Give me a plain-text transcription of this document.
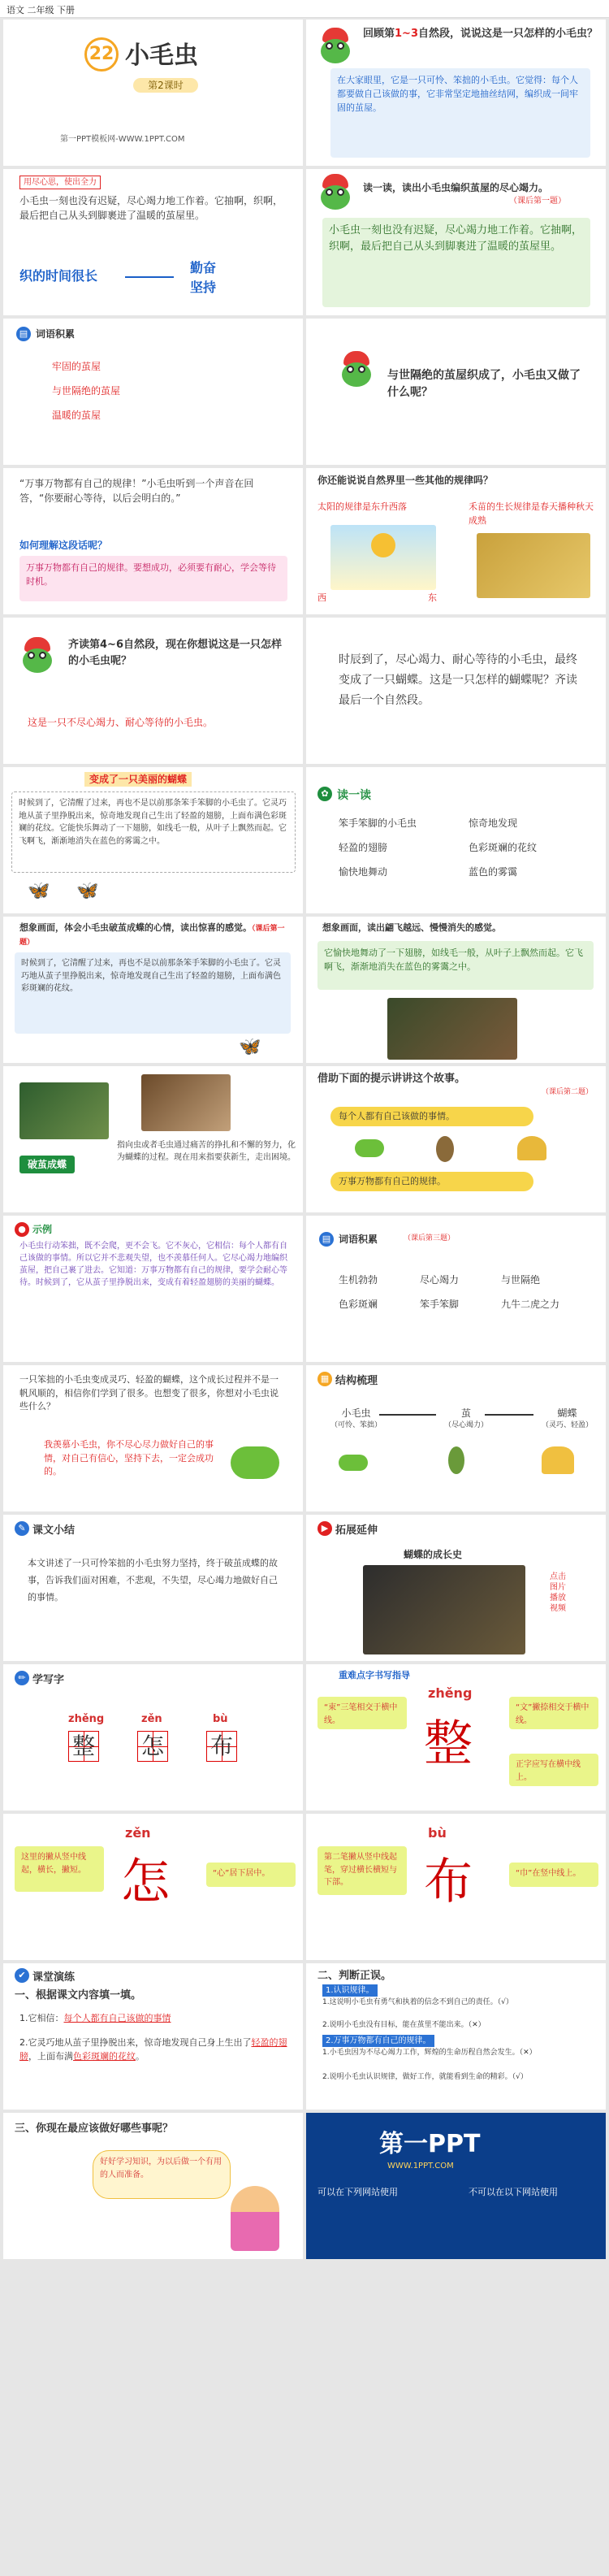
语文 二年级 下册
22 小毛虫
第2课时
第一PPT模板网-WWW.1PPT.COM
回顾第1~3自然段，说说这是一只怎样的小毛虫？
在大家眼里，它是一只可怜、笨拙的小毛虫。它觉得：每个人都要做自己该做的事，它非常坚定地抽丝结网，编织成一间牢固的茧屋。
用尽心思，使出全力
小毛虫一刻也没有迟疑，尽心竭力地工作着。它抽啊，织啊，最后把自己从头到脚裹进了温暖的茧屋里。
织的时间很长
勤奋
坚持
读一读，读出小毛虫编织茧屋的尽心竭力。
（课后第一题）
小毛虫一刻也没有迟疑，尽心竭力地工作着。它抽啊，织啊，最后把自己从头到脚裹进了温暖的茧屋里。
▤ 词语积累
牢固的茧屋
与世隔绝的茧屋
温暖的茧屋
与世隔绝的茧屋织成了，小毛虫又做了什么呢？
“万事万物都有自己的规律！”小毛虫听到一个声音在回答，“你要耐心等待，以后会明白的。”
如何理解这段话呢？
万事万物都有自己的规律。要想成功，必须要有耐心，学会等待时机。
你还能说说自然界里一些其他的规律吗？
太阳的规律是东升西落
西	东
禾苗的生长规律是春天播种秋天成熟
齐读第4~6自然段，现在你想说这是一只怎样的小毛虫呢？
这是一只不尽心竭力、耐心等待的小毛虫。
时辰到了，尽心竭力、耐心等待的小毛虫，最终变成了一只蝴蝶。这是一只怎样的蝴蝶呢？齐读最后一个自然段。
变成了一只美丽的蝴蝶
时候到了，它清醒了过来，再也不是以前那条笨手笨脚的小毛虫了。它灵巧地从茧子里挣脱出来，惊奇地发现自己生出了轻盈的翅膀，上面布满色彩斑斓的花纹。它能快乐舞动了一下翅膀，如线毛一般，从叶子上飘然而起。它飞啊飞，渐渐地消失在蓝色的雾霭之中。
🦋 🦋
✿ 读一读
笨手笨脚的小毛虫	惊奇地发现
轻盈的翅膀	色彩斑斓的花纹
愉快地舞动	蓝色的雾霭
想象画面，体会小毛虫破茧成蝶的心情，读出惊喜的感觉。（课后第一题）
时候到了，它清醒了过来，再也不是以前那条笨手笨脚的小毛虫了。它灵巧地从茧子里挣脱出来，惊奇地发现自己生出了轻盈的翅膀，上面布满色彩斑斓的花纹。
🦋
想象画面，读出翩飞越远、慢慢消失的感觉。
它愉快地舞动了一下翅膀，如线毛一般，从叶子上飘然而起。它飞啊飞，渐渐地消失在蓝色的雾霭之中。
破茧成蝶
指向虫或者毛虫通过痛苦的挣扎和不懈的努力，化为蝴蝶的过程。现在用来指要获新生，走出困境。
借助下面的提示讲讲这个故事。
（课后第二题）
每个人都有自己该做的事情。
万事万物都有自己的规律。
● 示例
小毛虫行动笨拙，既不会爬，更不会飞。它不灰心，它相信：每个人都有自己该做的事情。所以它并不悲观失望，也不羡慕任何人。它尽心竭力地编织茧屋，把自己裹了进去。它知道：万事万物都有自己的规律，要学会耐心等待。时候到了，它从茧子里挣脱出来，变成有着轻盈翅膀的美丽的蝴蝶。
▤ 词语积累	（课后第三题）
生机勃勃	尽心竭力	与世隔绝
色彩斑斓	笨手笨脚	九牛二虎之力
一只笨拙的小毛虫变成灵巧、轻盈的蝴蝶，这个成长过程并不是一帆风顺的，相信你们学到了很多。也想变了很多，你想对小毛虫说些什么？
我羡慕小毛虫，你不尽心尽力做好自己的事情，对自己有信心，坚持下去，一定会成功的。
▦ 结构梳理
小毛虫
（可怜、笨拙）
茧
（尽心竭力）
蝴蝶
（灵巧、轻盈）
✎ 课文小结
本文讲述了一只可怜笨拙的小毛虫努力坚持，终于破茧成蝶的故事，告诉我们面对困难，不悲观，不失望，尽心竭力地做好自己的事情。
▶ 拓展延伸
蝴蝶的成长史
点击图片播放视频
✏ 学写字
zhěng
整
zěn
怎
bù
布
重难点字书写指导
zhěng
整
“束”三笔相交于横中线。
“文”撇捺相交于横中线。
正字应写在横中线上。
zěn
怎
这里的撇从竖中线起，横长，撇短。	“心”居下居中。
bù
布
第二笔撇从竖中线起笔，穿过横长横短与下部。
“巾”在竖中线上。
✔ 课堂演练
一、根据课文内容填一填。
1.它相信：每个人都有自己该做的事情
2.它灵巧地从茧子里挣脱出来，惊奇地发现自己身上生出了轻盈的翅膀，上面布满色彩斑斓的花纹。
二、判断正误。
1.认识规律。
1.这说明小毛虫有勇气和执着的信念不到自己的责任。（√）
2.说明小毛虫没有目标，能在茧里不能出来。（✕）
2.万事万物都有自己的规律。
1.小毛虫因为不尽心竭力工作，辉煌的生命历程自然会发生。（✕）
2.说明小毛虫认识规律，做好工作，就能看到生命的精彩。（√）
三、你现在最应该做好哪些事呢？
好好学习知识，为以后做一个有用的人而准备。
第一PPT
WWW.1PPT.COM
可以在下列网站使用	不可以在以下网站使用
